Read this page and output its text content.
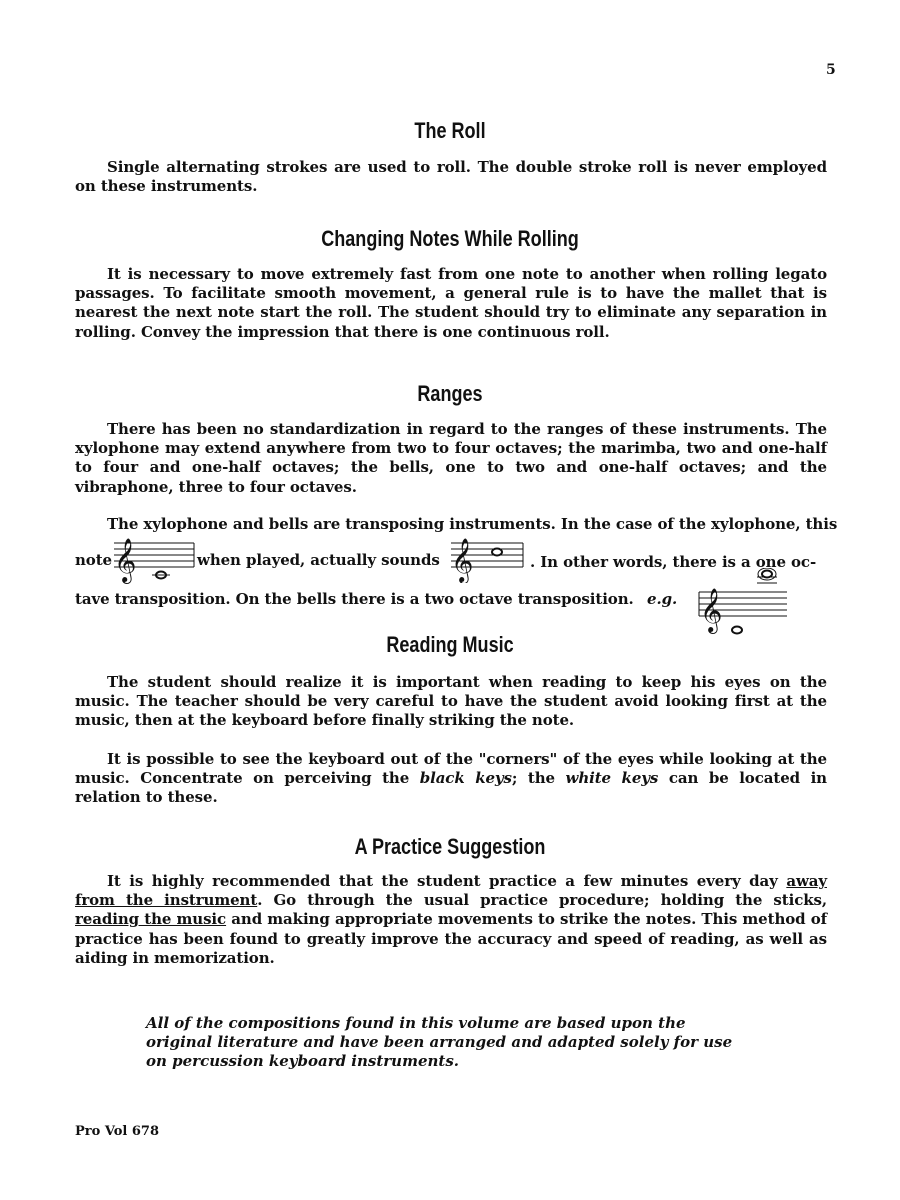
5
The Roll

Single alternating strokes are used to roll. The double stroke roll is never employed on these instruments.

Changing Notes While Rolling

It is necessary to move extremely fast from one note to another when rolling legato passages. To facilitate smooth movement, a general rule is to have the mallet that is nearest the next note start the roll. The student should try to eliminate any separation in rolling. Convey the impression that there is one continuous roll.

Ranges

There has been no standardization in regard to the ranges of these instruments. The xylophone may extend anywhere from two to four octaves; the marimba, two and one-half to four and one-half octaves; the bells, one to two and one-half octaves; and the vibraphone, three to four octaves.

The xylophone and bells are transposing instruments. In the case of the xylophone, this
note 𝄞	when played, actually sounds 𝄞	. In other words, there is a one oc-
tave transposition. On the bells there is a two octave transposition. e.g. 𝄞
Reading Music

The student should realize it is important when reading to keep his eyes on the music. The teacher should be very careful to have the student avoid looking first at the music, then at the keyboard before finally striking the note.

It is possible to see the keyboard out of the "corners" of the eyes while looking at the music. Concentrate on perceiving the black keys; the white keys can be located in relation to these.

A Practice Suggestion

It is highly recommended that the student practice a few minutes every day away from the instrument. Go through the usual practice procedure; holding the sticks, reading the music and making appropriate movements to strike the notes. This method of practice has been found to greatly improve the accuracy and speed of reading, as well as aiding in memorization.

All of the compositions found in this volume are based upon the original literature and have been arranged and adapted solely for use on percussion keyboard instruments.

Pro Vol 678
